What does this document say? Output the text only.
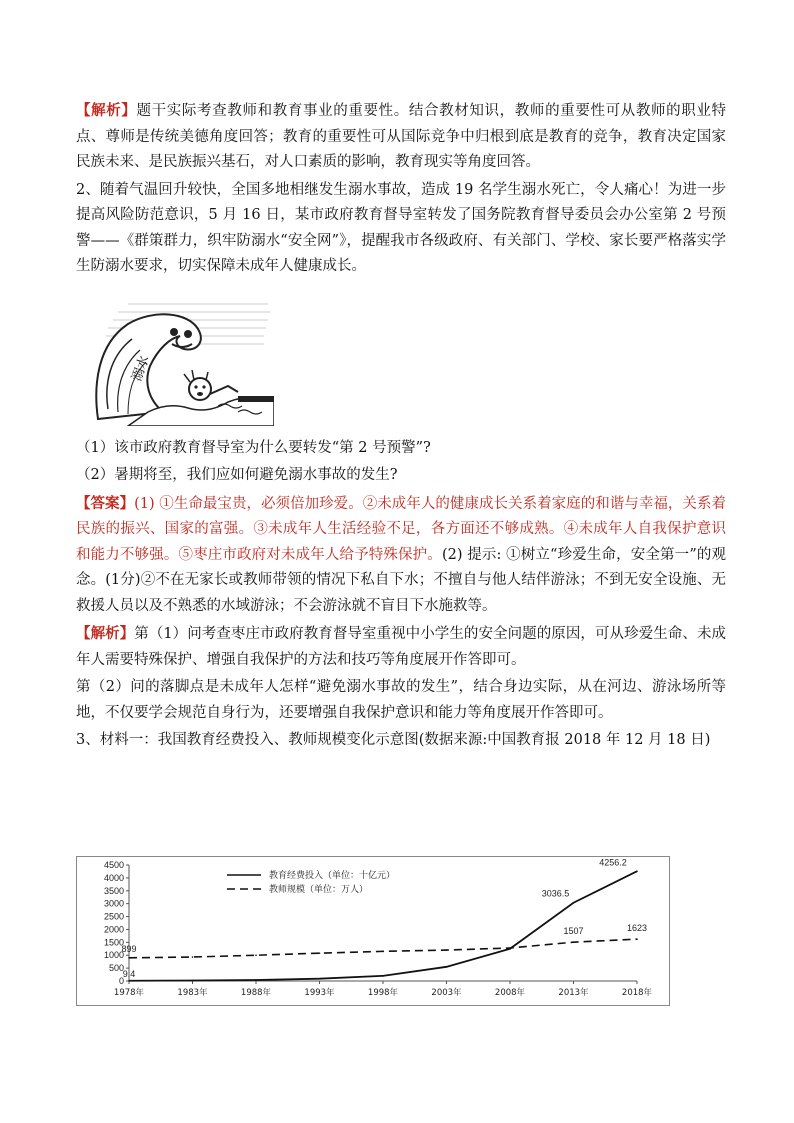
【解析】题干实际考查教师和教育事业的重要性。结合教材知识，教师的重要性可从教师的职业特点、尊师是传统美德角度回答；教育的重要性可从国际竞争中归根到底是教育的竞争，教育决定国家民族未来、是民族振兴基石，对人口素质的影响，教育现实等角度回答。

2、随着气温回升较快，全国多地相继发生溺水事故，造成 19 名学生溺水死亡，令人痛心！为进一步提高风险防范意识，5 月 16 日，某市政府教育督导室转发了国务院教育督导委员会办公室第 2 号预警——《群策群力，织牢防溺水“安全网”》，提醒我市各级政府、有关部门、学校、家长要严格落实学生防溺水要求，切实保障未成年人健康成长。

溺水

（1）该市政府教育督导室为什么要转发“第 2 号预警”?

（2）暑期将至，我们应如何避免溺水事故的发生?

【答案】(1) ①生命最宝贵，必须倍加珍爱。②未成年人的健康成长关系着家庭的和谐与幸福，关系着民族的振兴、国家的富强。③未成年人生活经验不足，各方面还不够成熟。④未成年人自我保护意识和能力不够强。⑤枣庄市政府对未成年人给予特殊保护。(2) 提示: ①树立“珍爱生命，安全第一”的观念。(1分)②不在无家长或教师带领的情况下私自下水；不擅自与他人结伴游泳；不到无安全设施、无救援人员以及不熟悉的水域游泳；不会游泳就不盲目下水施救等。

【解析】第（1）问考查枣庄市政府教育督导室重视中小学生的安全问题的原因，可从珍爱生命、未成年人需要特殊保护、增强自我保护的方法和技巧等角度展开作答即可。

第（2）问的落脚点是未成年人怎样“避免溺水事故的发生”，结合身边实际，从在河边、游泳场所等地，不仅要学会规范自身行为，还要增强自我保护意识和能力等角度展开作答即可。

3、材料一：我国教育经费投入、教师规模变化示意图(数据来源:中国教育报 2018 年 12 月 18 日)

4500
4000
3500
3000
2500
2000
1500
1000
500
0
1978年	1983年	1988年	1993年	1998年	2003年	2008年	2013年	2018年
教育经费投入（单位：十亿元）
教师规模（单位：万人）
899
9.4
3036.5
4256.2
1507	1623
